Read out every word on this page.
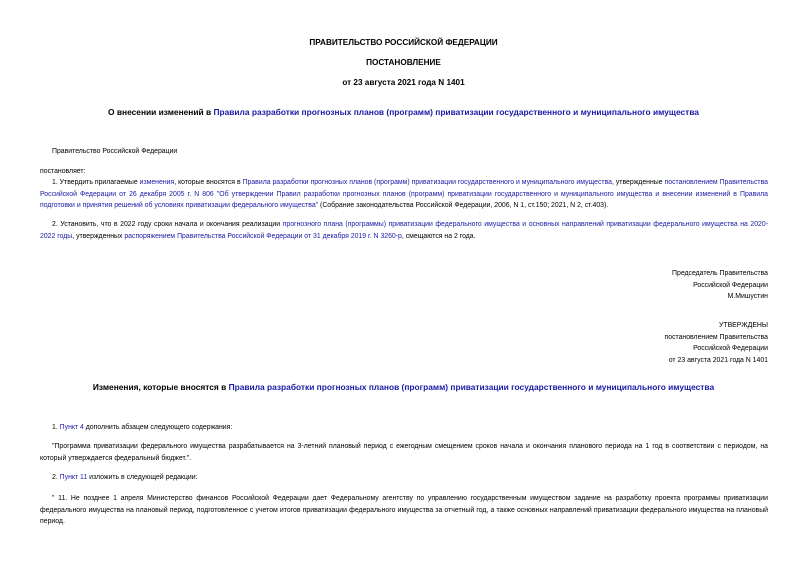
ПРАВИТЕЛЬСТВО РОССИЙСКОЙ ФЕДЕРАЦИИ
ПОСТАНОВЛЕНИЕ
от 23 августа 2021 года N 1401
О внесении изменений в Правила разработки прогнозных планов (программ) приватизации государственного и муниципального имущества
Правительство Российской Федерации
постановляет:
1. Утвердить прилагаемые изменения, которые вносятся в Правила разработки прогнозных планов (программ) приватизации государственного и муниципального имущества, утвержденные постановлением Правительства Российской Федерации от 26 декабря 2005 г. N 806 "Об утверждении Правил разработки прогнозных планов (программ) приватизации государственного и муниципального имущества и внесении изменений в Правила подготовки и принятия решений об условиях приватизации федерального имущества" (Собрание законодательства Российской Федерации, 2006, N 1, ст.150; 2021, N 2, ст.403).
2. Установить, что в 2022 году сроки начала и окончания реализации прогнозного плана (программы) приватизации федерального имущества и основных направлений приватизации федерального имущества на 2020-2022 годы, утвержденных распоряжением Правительства Российской Федерации от 31 декабря 2019 г. N 3260-р, смещаются на 2 года.
Председатель Правительства
Российской Федерации
М.Мишустин
УТВЕРЖДЕНЫ
постановлением Правительства
Российской Федерации
от 23 августа 2021 года N 1401
Изменения, которые вносятся в Правила разработки прогнозных планов (программ) приватизации государственного и муниципального имущества
1. Пункт 4 дополнить абзацем следующего содержания:
"Программа приватизации федерального имущества разрабатывается на 3-летний плановый период с ежегодным смещением сроков начала и окончания планового периода на 1 год в соответствии с периодом, на который утверждается федеральный бюджет.".
2. Пункт 11 изложить в следующей редакции:
" 11. Не позднее 1 апреля Министерство финансов Российской Федерации дает Федеральному агентству по управлению государственным имуществом задание на разработку проекта программы приватизации федерального имущества на плановый период, подготовленное с учетом итогов приватизации федерального имущества за отчетный год, а также основных направлений приватизации федерального имущества на плановый период.
